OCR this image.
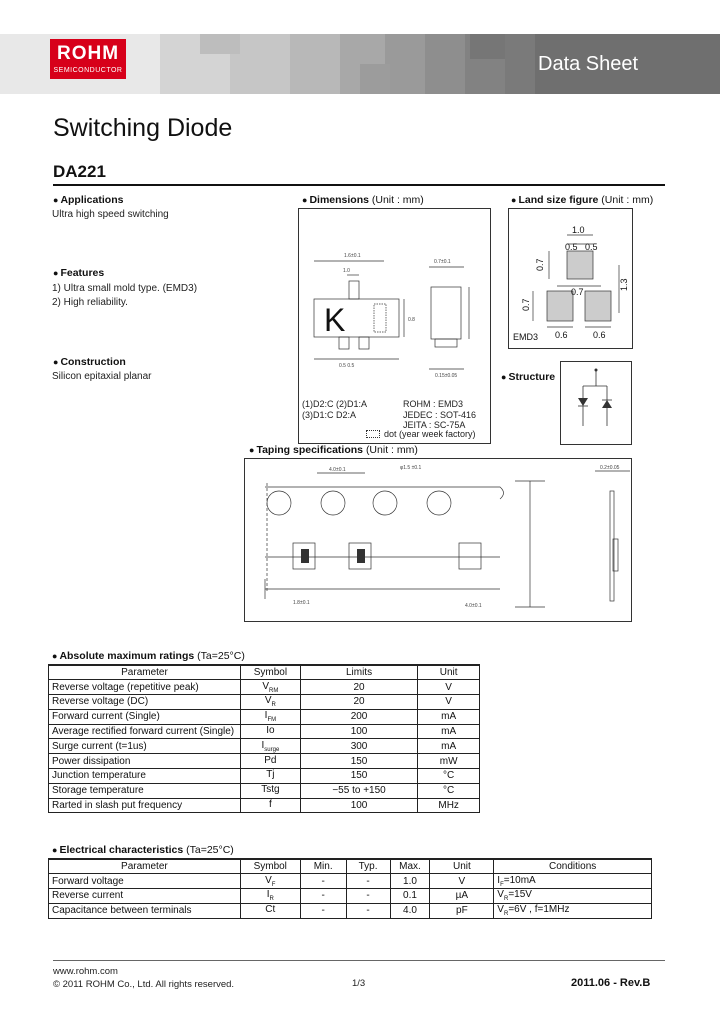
ROHM
SEMICONDUCTOR	Data Sheet
Switching Diode
DA221
● Applications
Ultra high speed switching
● Features
1) Ultra small mold type. (EMD3)
2) High reliability.
● Construction
Silicon epitaxial planar
● Dimensions (Unit : mm)
K
1.6±0.1
1.0
0.8
0.7±0.1
0.5 0.5
0.15±0.05
(1)D2:C (2)D1:A
(3)D1:C D2:A
ROHM : EMD3
JEDEC : SOT-416
JEITA : SC-75A
dot (year week factory)
● Land size figure (Unit : mm)
1.0
0.5 0.5
0.7
0.7
0.7
1.3
0.6	0.6
EMD3
● Structure
● Taping specifications (Unit : mm)
4.0±0.1	φ1.5 ±0.1
1.8±0.1	4.0±0.1
0.2±0.05
● Absolute maximum ratings (Ta=25°C)
Parameter	Symbol	Limits	Unit
Reverse voltage (repetitive peak)	$V_{RM}$	20	V
Reverse voltage (DC)	$V_R$	20	V
Forward current (Single)	$I_{FM}$	200	mA
Average rectified forward current (Single)	Io	100	mA
Surge current (t=1us)	$I_{surge}$	300	mA
Power dissipation	Pd	150	mW
Junction temperature	Tj	150	°C
Storage temperature	Tstg	−55 to +150	°C
Rarted in slash put frequency	f	100	MHz
● Electrical characteristics (Ta=25°C)
Parameter	Symbol	Min.	Typ.	Max.	Unit	Conditions
Forward voltage	$V_F$	-	-	1.0	V	$I_F=10mA$
Reverse current	$I_R$	-	-	0.1	µA	$V_R=15V$
Capacitance between terminals	Ct	-	-	4.0	pF	$V_R=6V$ , f=1MHz
www.rohm.com
© 2011 ROHM Co., Ltd. All rights reserved.	1/3	2011.06 - Rev.B
